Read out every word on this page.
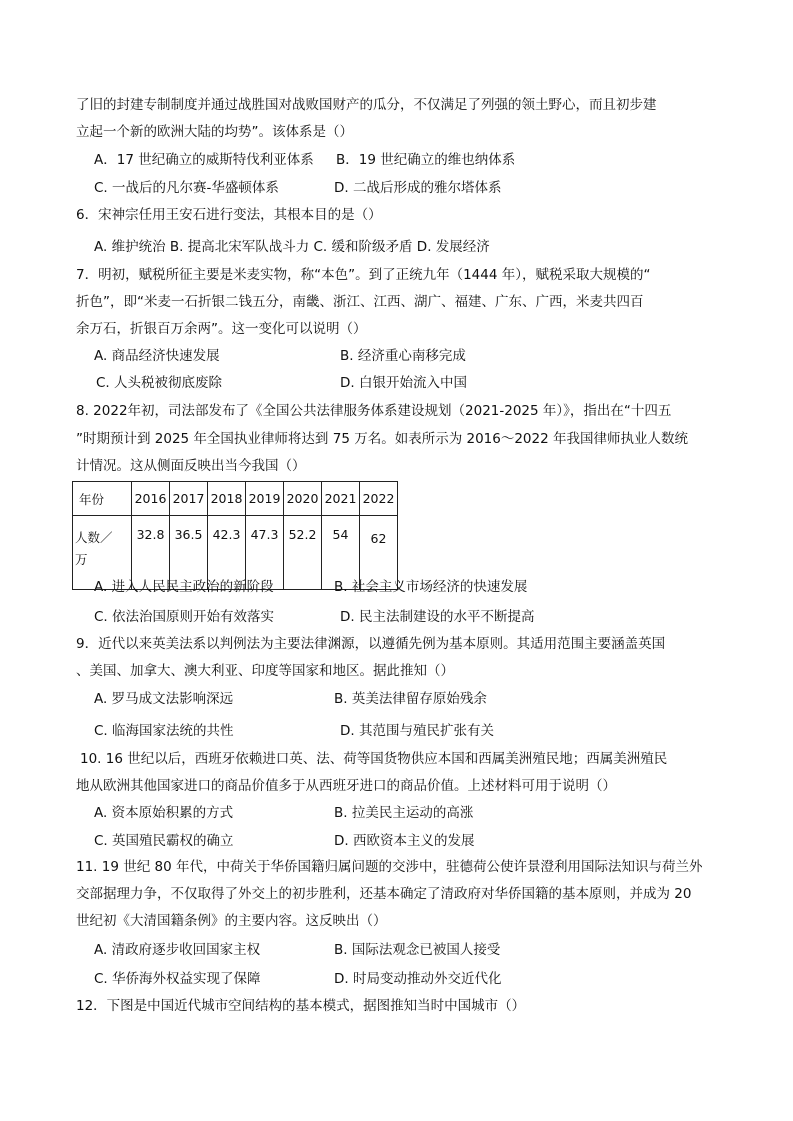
了旧的封建专制制度并通过战胜国对战败国财产的瓜分，不仅满足了列强的领土野心，而且初步建
立起一个新的欧洲大陆的均势”。该体系是（）
A．17 世纪确立的威斯特伐利亚体系 B．19 世纪确立的维也纳体系
C. 一战后的凡尔赛-华盛顿体系	D. 二战后形成的雅尔塔体系
6．宋神宗任用王安石进行变法，其根本目的是（）
A. 维护统治 B. 提高北宋军队战斗力 C. 缓和阶级矛盾 D. 发展经济
7．明初，赋税所征主要是米麦实物，称“本色”。到了正统九年（1444 年），赋税采取大规模的“
折色”，即“米麦一石折银二钱五分，南畿、浙江、江西、湖广、福建、广东、广西，米麦共四百
余万石，折银百万余两”。这一变化可以说明（）
A. 商品经济快速发展	B. 经济重心南移完成
C. 人头税被彻底废除	D. 白银开始流入中国
8. 2022年初，司法部发布了《全国公共法律服务体系建设规划（2021-2025 年）》，指出在“十四五
”时期预计到 2025 年全国执业律师将达到 75 万名。如表所示为 2016～2022 年我国律师执业人数统
计情况。这从侧面反映出当今我国（）
年份	2016	2017	2018	2019	2020	2021	2022

人数／
万	32.8	36.5	42.3	47.3	52.2	54	62
A. 进入人民民主政治的新阶段	B. 社会主义市场经济的快速发展
C. 依法治国原则开始有效落实	D. 民主法制建设的水平不断提高
9．近代以来英美法系以判例法为主要法律渊源，以遵循先例为基本原则。其适用范围主要涵盖英国
、美国、加拿大、澳大利亚、印度等国家和地区。据此推知（）
A. 罗马成文法影响深远	B. 英美法律留存原始残余
C. 临海国家法统的共性	D. 其范围与殖民扩张有关
10. 16 世纪以后，西班牙依赖进口英、法、荷等国货物供应本国和西属美洲殖民地；西属美洲殖民
地从欧洲其他国家进口的商品价值多于从西班牙进口的商品价值。上述材料可用于说明（）
A. 资本原始积累的方式	B. 拉美民主运动的高涨
C. 英国殖民霸权的确立	D. 西欧资本主义的发展
11. 19 世纪 80 年代，中荷关于华侨国籍归属问题的交涉中，驻德荷公使许景澄利用国际法知识与荷兰外
交部据理力争，不仅取得了外交上的初步胜利，还基本确定了清政府对华侨国籍的基本原则，并成为 20
世纪初《大清国籍条例》的主要内容。这反映出（）
A. 清政府逐步收回国家主权	B. 国际法观念已被国人接受
C. 华侨海外权益实现了保障	D. 时局变动推动外交近代化
12．下图是中国近代城市空间结构的基本模式，据图推知当时中国城市（）
